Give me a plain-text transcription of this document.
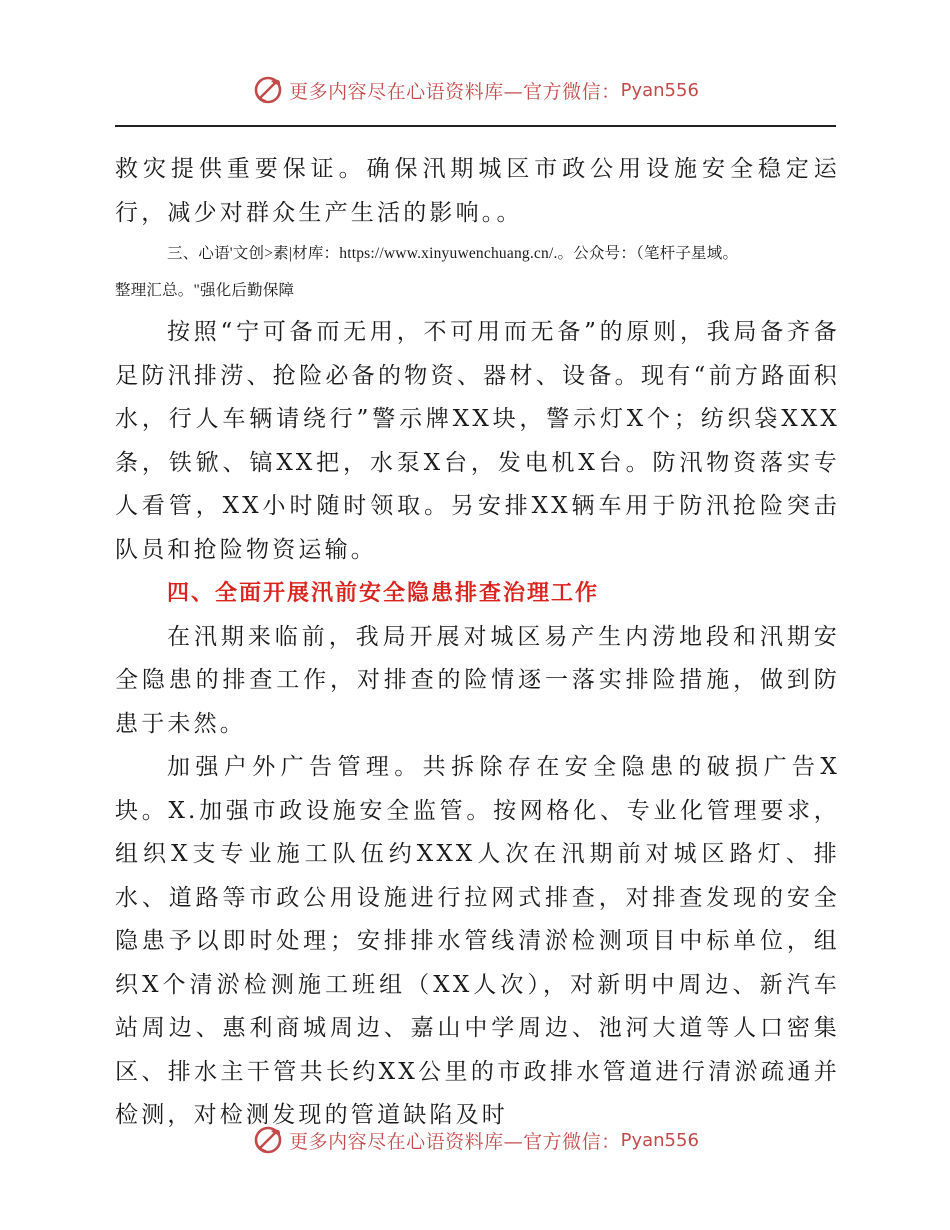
更多内容尽在心语资料库—官方微信： Pyan556

救灾提供重要保证。确保汛期城区市政公用设施安全稳定运行，减少对群众生产生活的影响。。

三、心语'文创>素|材库：https://www.xinyuwenchuang.cn/.。公众号：（笔杆子星域。

整理汇总。"强化后勤保障

按照“宁可备而无用，不可用而无备”的原则，我局备齐备足防汛排涝、抢险必备的物资、器材、设备。现有“前方路面积水，行人车辆请绕行”警示牌XX块，警示灯X个；纺织袋XXX条，铁锨、镐XX把，水泵X台，发电机X台。防汛物资落实专人看管，XX小时随时领取。另安排XX辆车用于防汛抢险突击队员和抢险物资运输。

四、全面开展汛前安全隐患排查治理工作

在汛期来临前，我局开展对城区易产生内涝地段和汛期安全隐患的排查工作，对排查的险情逐一落实排险措施，做到防患于未然。

加强户外广告管理。共拆除存在安全隐患的破损广告X块。X.加强市政设施安全监管。按网格化、专业化管理要求，组织X支专业施工队伍约XXX人次在汛期前对城区路灯、排水、道路等市政公用设施进行拉网式排查，对排查发现的安全隐患予以即时处理；安排排水管线清淤检测项目中标单位，组织X个清淤检测施工班组（XX人次），对新明中周边、新汽车站周边、惠利商城周边、嘉山中学周边、池河大道等人口密集区、排水主干管共长约XX公里的市政排水管道进行清淤疏通并检测，对检测发现的管道缺陷及时

更多内容尽在心语资料库—官方微信： Pyan556
